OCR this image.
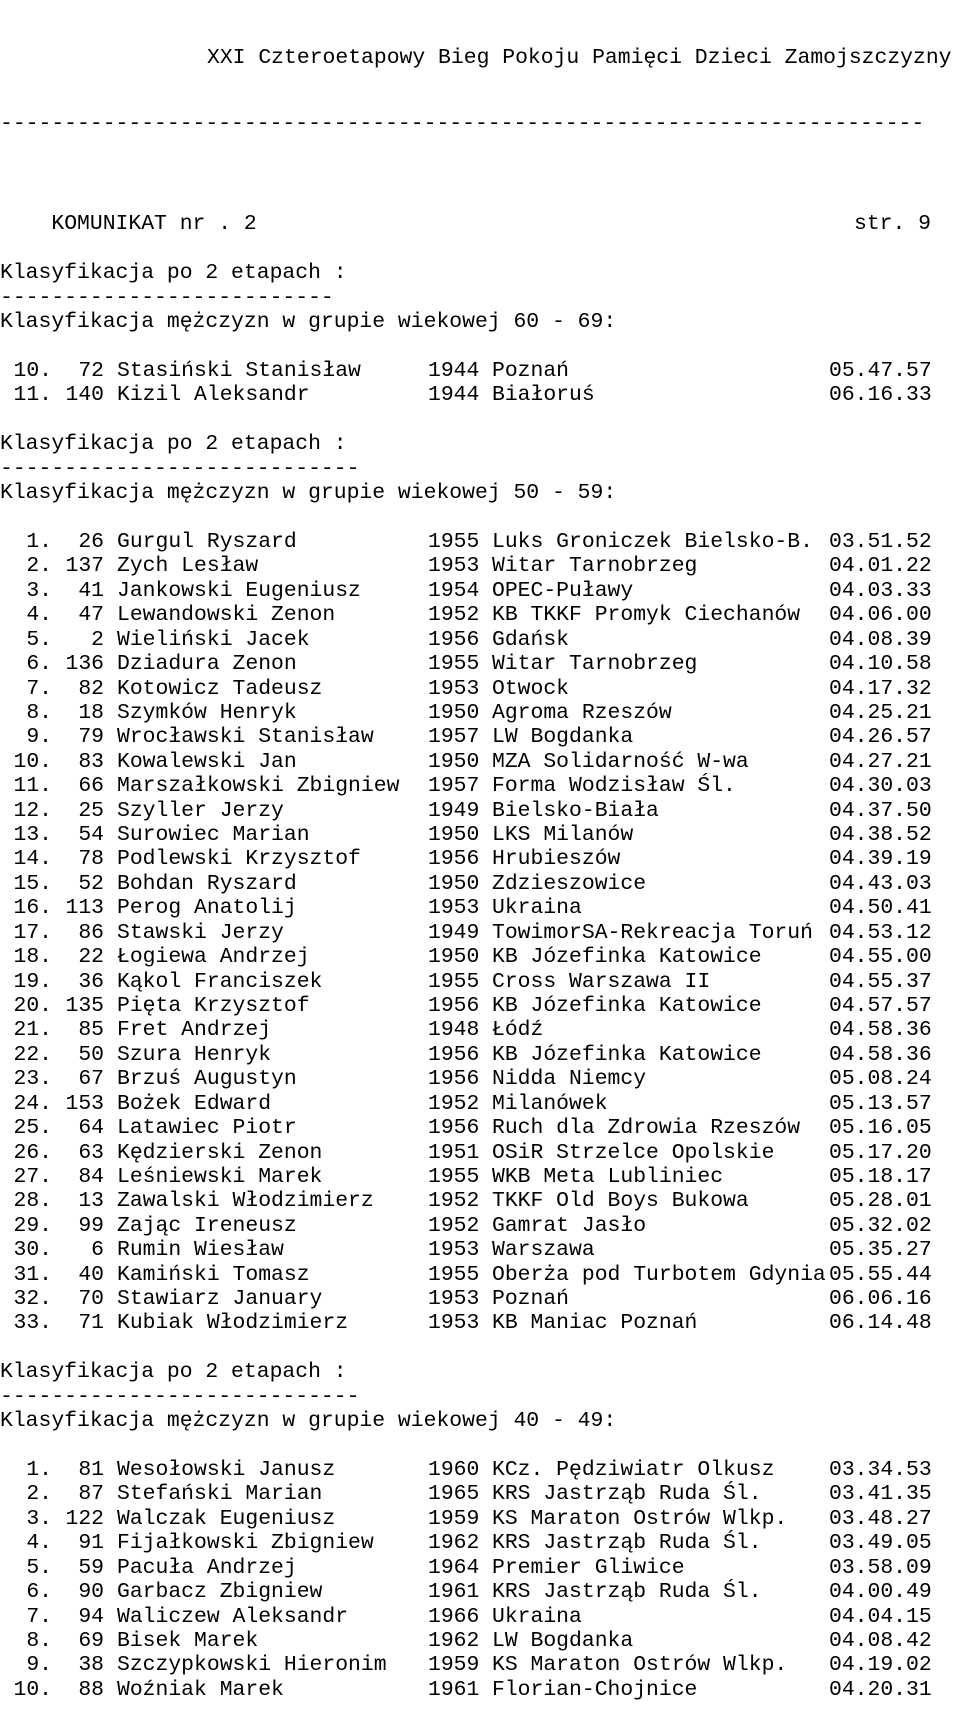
XXI Czteroetapowy Bieg Pokoju Pamięci Dzieci Zamojszczyzny

------------------------------------------------------------------------

KOMUNIKAT nr . 2	str. 9

Klasyfikacja po 2 etapach :
--------------------------
Klasyfikacja mężczyzn w grupie wiekowej 60 - 69:
10.	72 Stasiński Stanisław	1944 Poznań	05.47.57
11. 140 Kizil Aleksandr	1944 Białoruś	06.16.33
Klasyfikacja po 2 etapach :
----------------------------
Klasyfikacja mężczyzn w grupie wiekowej 50 - 59:
1.	26 Gurgul Ryszard	1955 Luks Groniczek Bielsko-B. 03.51.52
2. 137 Zych Lesław	1953 Witar Tarnobrzeg	04.01.22
3.	41 Jankowski Eugeniusz	1954 OPEC-Puławy	04.03.33
4.	47 Lewandowski Zenon	1952 KB TKKF Promyk Ciechanów 04.06.00
5.	2 Wieliński Jacek	1956 Gdańsk	04.08.39
6. 136 Dziadura Zenon	1955 Witar Tarnobrzeg	04.10.58
7.	82 Kotowicz Tadeusz	1953 Otwock	04.17.32
8.	18 Szymków Henryk	1950 Agroma Rzeszów	04.25.21
9.	79 Wrocławski Stanisław	1957 LW Bogdanka	04.26.57
10.	83 Kowalewski Jan	1950 MZA Solidarność W-wa	04.27.21
11.	66 Marszałkowski Zbigniew 1957 Forma Wodzisław Śl.	04.30.03
12.	25 Szyller Jerzy	1949 Bielsko-Biała	04.37.50
13.	54 Surowiec Marian	1950 LKS Milanów	04.38.52
14.	78 Podlewski Krzysztof	1956 Hrubieszów	04.39.19
15.	52 Bohdan Ryszard	1950 Zdzieszowice	04.43.03
16. 113 Perog Anatolij	1953 Ukraina	04.50.41
17.	86 Stawski Jerzy	1949 TowimorSA-Rekreacja Toruń 04.53.12
18.	22 Łogiewa Andrzej	1950 KB Józefinka Katowice	04.55.00
19.	36 Kąkol Franciszek	1955 Cross Warszawa II	04.55.37
20. 135 Pięta Krzysztof	1956 KB Józefinka Katowice	04.57.57
21.	85 Fret Andrzej	1948 Łódź	04.58.36
22.	50 Szura Henryk	1956 KB Józefinka Katowice	04.58.36
23.	67 Brzuś Augustyn	1956 Nidda Niemcy	05.08.24
24. 153 Bożek Edward	1952 Milanówek	05.13.57
25.	64 Latawiec Piotr	1956 Ruch dla Zdrowia Rzeszów 05.16.05
26.	63 Kędzierski Zenon	1951 OSiR Strzelce Opolskie	05.17.20
27.	84 Leśniewski Marek	1955 WKB Meta Lubliniec	05.18.17
28.	13 Zawalski Włodzimierz	1952 TKKF Old Boys Bukowa	05.28.01
29.	99 Zając Ireneusz	1952 Gamrat Jasło	05.32.02
30.	6 Rumin Wiesław	1953 Warszawa	05.35.27
31.	40 Kamiński Tomasz	1955 Oberża pod Turbotem Gdynia 05.55.44
32.	70 Stawiarz January	1953 Poznań	06.06.16
33.	71 Kubiak Włodzimierz	1953 KB Maniac Poznań	06.14.48
Klasyfikacja po 2 etapach :
----------------------------
Klasyfikacja mężczyzn w grupie wiekowej 40 - 49:
1.	81 Wesołowski Janusz	1960 KCz. Pędziwiatr Olkusz	03.34.53
2.	87 Stefański Marian	1965 KRS Jastrząb Ruda Śl.	03.41.35
3. 122 Walczak Eugeniusz	1959 KS Maraton Ostrów Wlkp. 03.48.27
4.	91 Fijałkowski Zbigniew	1962 KRS Jastrząb Ruda Śl.	03.49.05
5.	59 Pacuła Andrzej	1964 Premier Gliwice	03.58.09
6.	90 Garbacz Zbigniew	1961 KRS Jastrząb Ruda Śl.	04.00.49
7.	94 Waliczew Aleksandr	1966 Ukraina	04.04.15
8.	69 Bisek Marek	1962 LW Bogdanka	04.08.42
9.	38 Szczypkowski Hieronim 1959 KS Maraton Ostrów Wlkp. 04.19.02
10.	88 Woźniak Marek	1961 Florian-Chojnice	04.20.31
